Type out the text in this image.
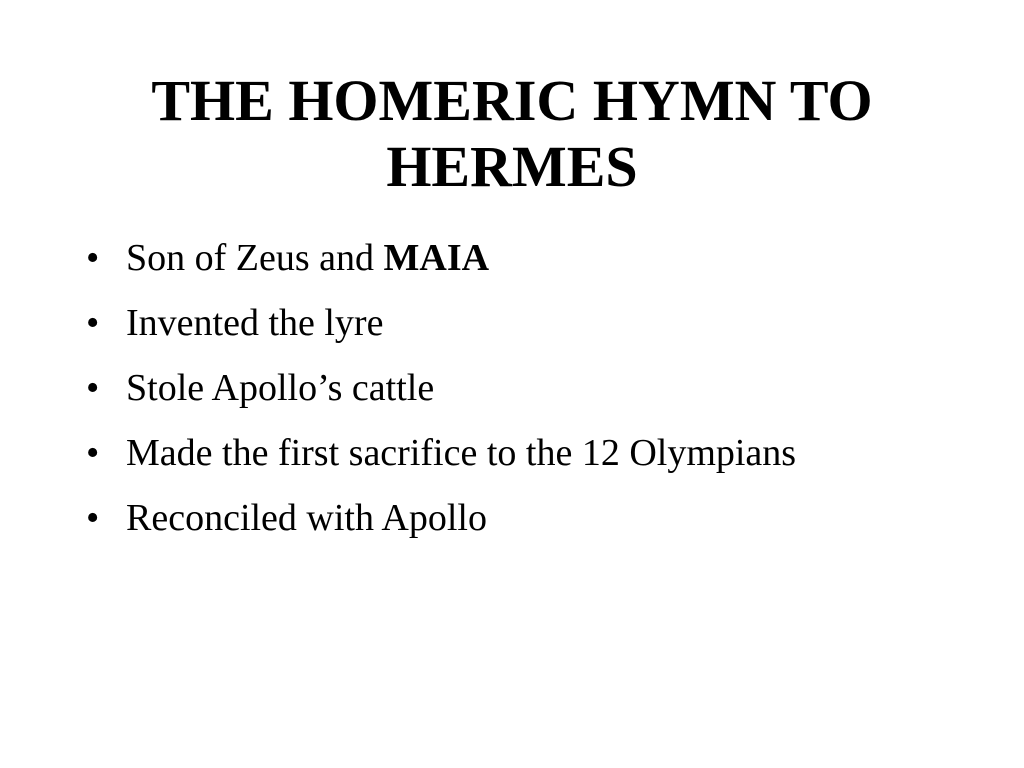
THE HOMERIC HYMN TO
HERMES
• Son of Zeus and MAIA
• Invented the lyre
• Stole Apollo’s cattle
• Made the first sacrifice to the 12 Olympians
• Reconciled with Apollo
